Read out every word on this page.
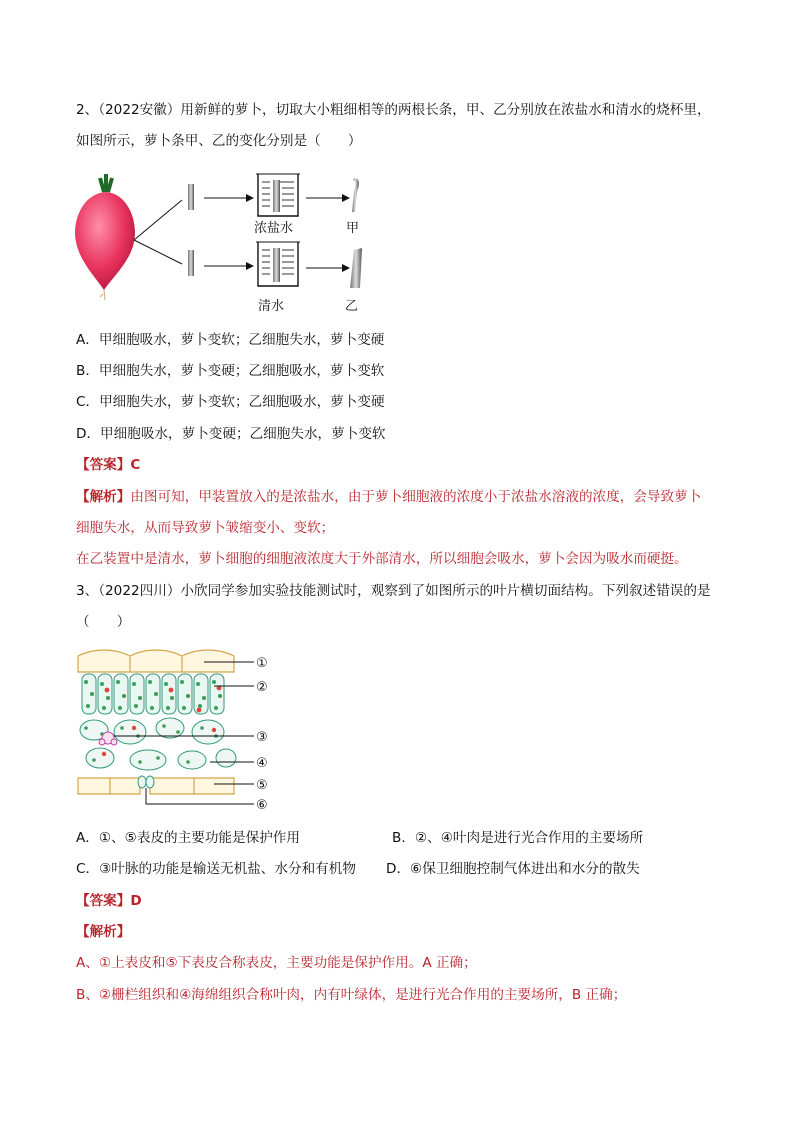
2、（2022安徽）用新鲜的萝卜，切取大小粗细相等的两根长条，甲、乙分别放在浓盐水和清水的烧杯里，
如图所示，萝卜条甲、乙的变化分别是（　　）
浓盐水	甲
清水	乙
A．甲细胞吸水，萝卜变软；乙细胞失水，萝卜变硬
B．甲细胞失水，萝卜变硬；乙细胞吸水，萝卜变软
C．甲细胞失水，萝卜变软；乙细胞吸水，萝卜变硬
D．甲细胞吸水，萝卜变硬；乙细胞失水，萝卜变软
【答案】C
【解析】由图可知，甲装置放入的是浓盐水，由于萝卜细胞液的浓度小于浓盐水溶液的浓度，会导致萝卜
细胞失水，从而导致萝卜皱缩变小、变软；
在乙装置中是清水，萝卜细胞的细胞液浓度大于外部清水，所以细胞会吸水，萝卜会因为吸水而硬挺。
3、（2022四川）小欣同学参加实验技能测试时，观察到了如图所示的叶片横切面结构。下列叙述错误的是
（　　）
①
②
③
④
⑤
⑥
A．①、⑤表皮的主要功能是保护作用	B．②、④叶肉是进行光合作用的主要场所
C．③叶脉的功能是输送无机盐、水分和有机物 D．⑥保卫细胞控制气体进出和水分的散失
【答案】D
【解析】
A、①上表皮和⑤下表皮合称表皮，主要功能是保护作用。A 正确；
B、②栅栏组织和④海绵组织合称叶肉，内有叶绿体，是进行光合作用的主要场所，B 正确；
